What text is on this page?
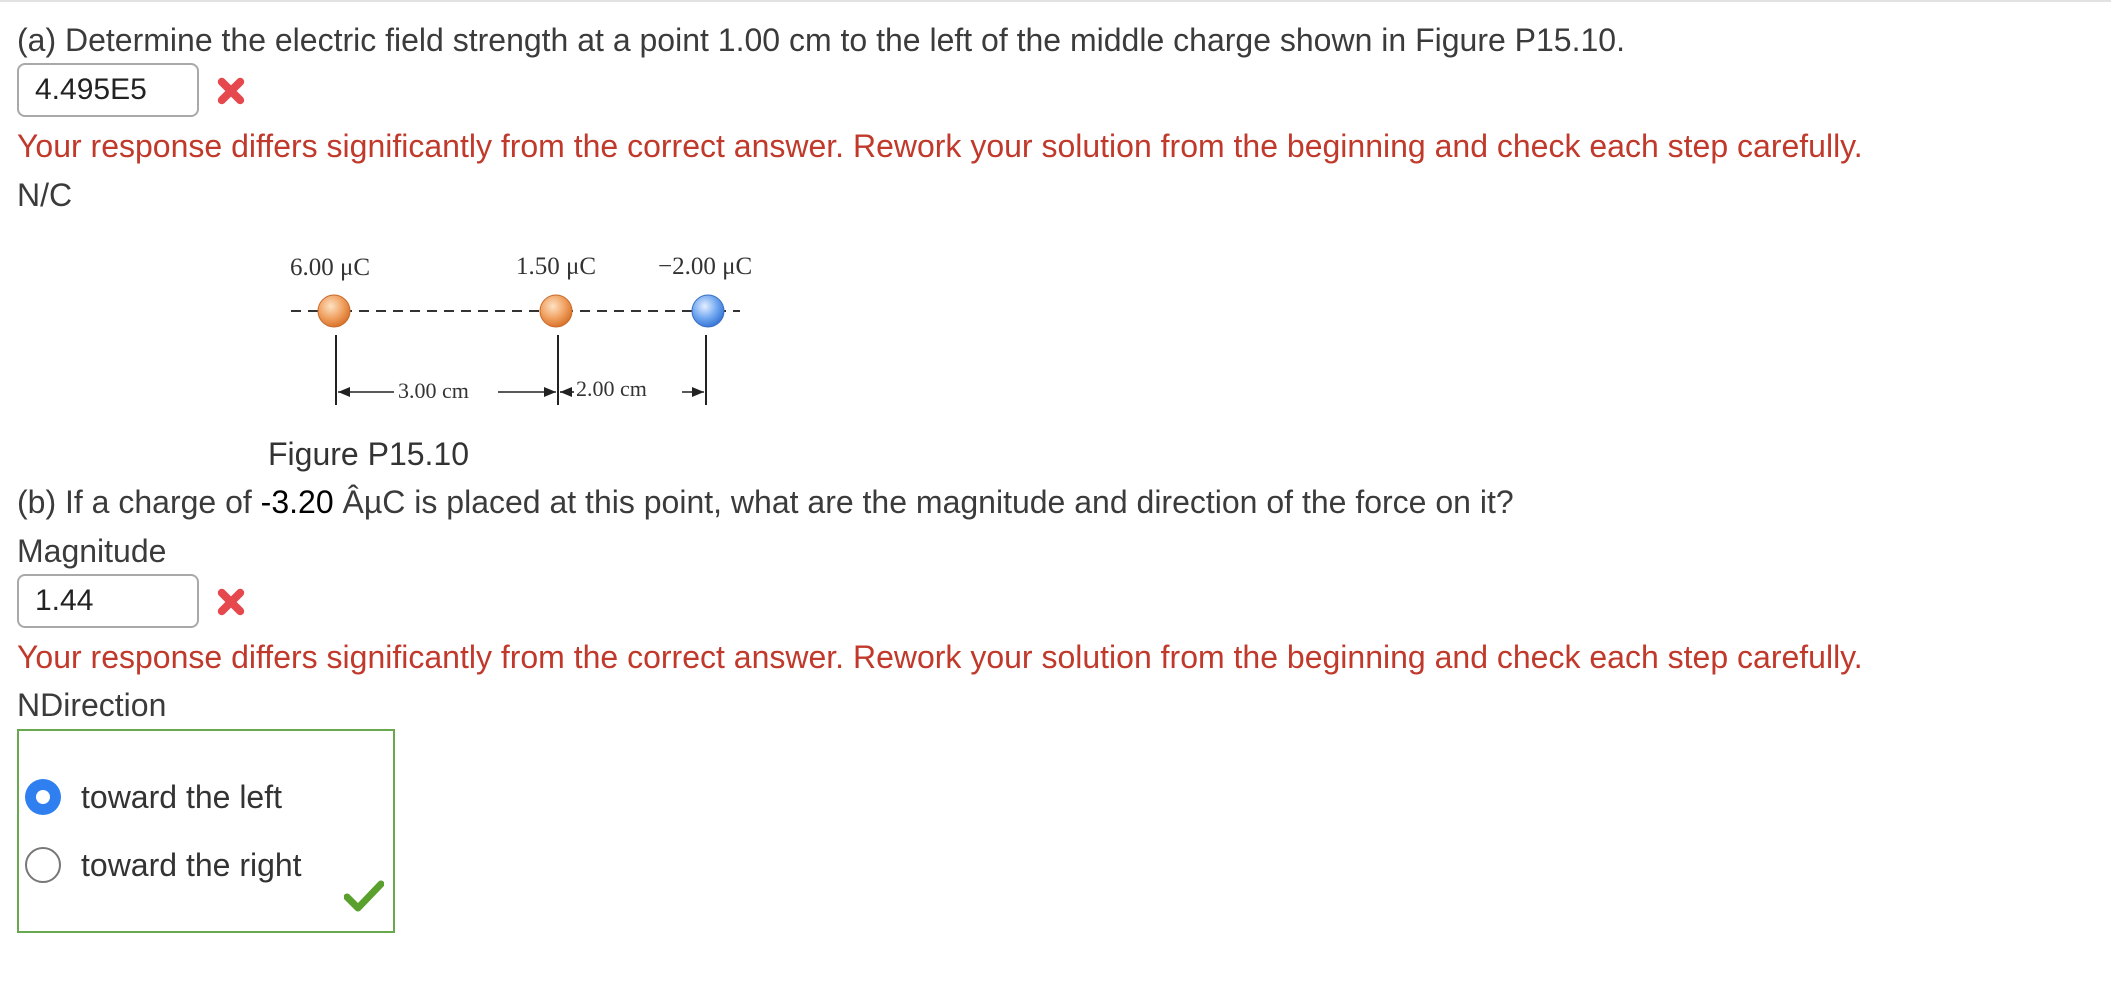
(a) Determine the electric field strength at a point 1.00 cm to the left of the middle charge shown in Figure P15.10.
4.495E5
Your response differs significantly from the correct answer. Rework your solution from the beginning and check each step carefully.
N/C
6.00 μC	1.50 μC −2.00 μC
3.00 cm	2.00 cm
Figure P15.10
(b) If a charge of -3.20 ÂµC is placed at this point, what are the magnitude and direction of the force on it?
Magnitude
1.44
Your response differs significantly from the correct answer. Rework your solution from the beginning and check each step carefully.
NDirection
toward the left
toward the right
